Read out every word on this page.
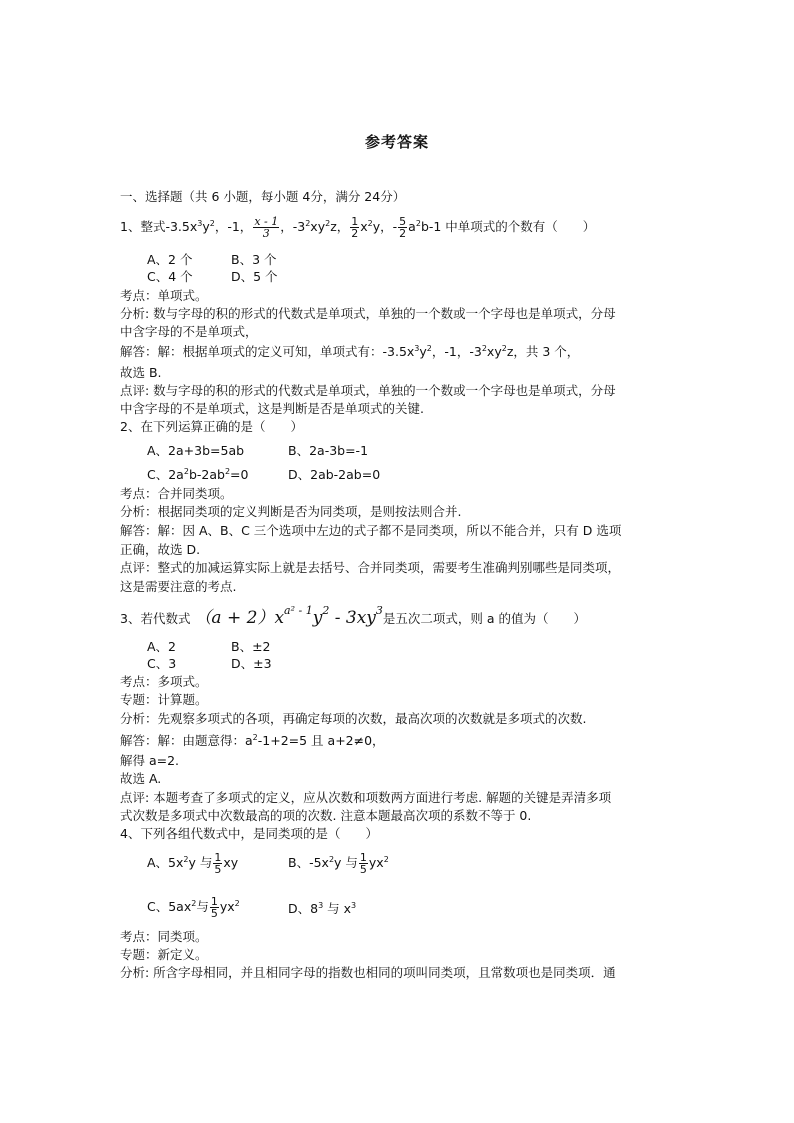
参考答案
一、选择题（共 6 小题，每小题 4分，满分 24分）
1、整式$-3.5x^3y^2$，-1， $\frac{x - 1}{3}$ ，$-3^2xy^2z$， $\frac{1}{2} x^2y$，- $\frac{5}{2} a^2b-1$ 中单项式的个数有（　　）
A、2 个	B、3 个
C、4 个	D、5 个
考点：单项式。
分析: 数与字母的积的形式的代数式是单项式，单独的一个数或一个字母也是单项式，分母
中含字母的不是单项式，
解答：解：根据单项式的定义可知，单项式有：$-3.5x^3y^2$，-1，$-3^2xy^2z$，共 3 个，
故选 B.
点评: 数与字母的积的形式的代数式是单项式，单独的一个数或一个字母也是单项式，分母
中含字母的不是单项式，这是判断是否是单项式的关键.
2、在下列运算正确的是（　　）
A、2a+3b=5ab	B、2a-3b=-1
C、$2a^2b-2ab^2=0$	D、2ab-2ab=0
考点：合并同类项。
分析：根据同类项的定义判断是否为同类项，是则按法则合并.
解答：解：因 A、B、C 三个选项中左边的式子都不是同类项，所以不能合并，只有 D 选项
正确，故选 D.
点评：整式的加减运算实际上就是去括号、合并同类项，需要考生准确判别哪些是同类项，
这是需要注意的考点.
3、若代数式 $(a + 2)x^{a^2 - 1}y^2 - 3xy^3$是五次二项式，则 a 的值为（　　）
A、2	B、±2
C、3	D、±3
考点：多项式。
专题：计算题。
分析：先观察多项式的各项，再确定每项的次数，最高次项的次数就是多项式的次数.
解答：解：由题意得：$a^2-1+2=5$ 且 a+2≠0，
解得 a=2.
故选 A.
点评: 本题考查了多项式的定义，应从次数和项数两方面进行考虑. 解题的关键是弄清多项
式次数是多项式中次数最高的项的次数. 注意本题最高次项的系数不等于 0.
4、下列各组代数式中，是同类项的是（　　）
A、$5x^2y$ 与 $\frac{1}{5}$ xy	B、$-5x^2y$ 与 $\frac{1}{5} yx^2$
C、$5ax^2$与 $\frac{1}{5} yx^2$	D、$8^3$ 与 $x^3$
考点：同类项。
专题：新定义。
分析: 所含字母相同，并且相同字母的指数也相同的项叫同类项，且常数项也是同类项．通
